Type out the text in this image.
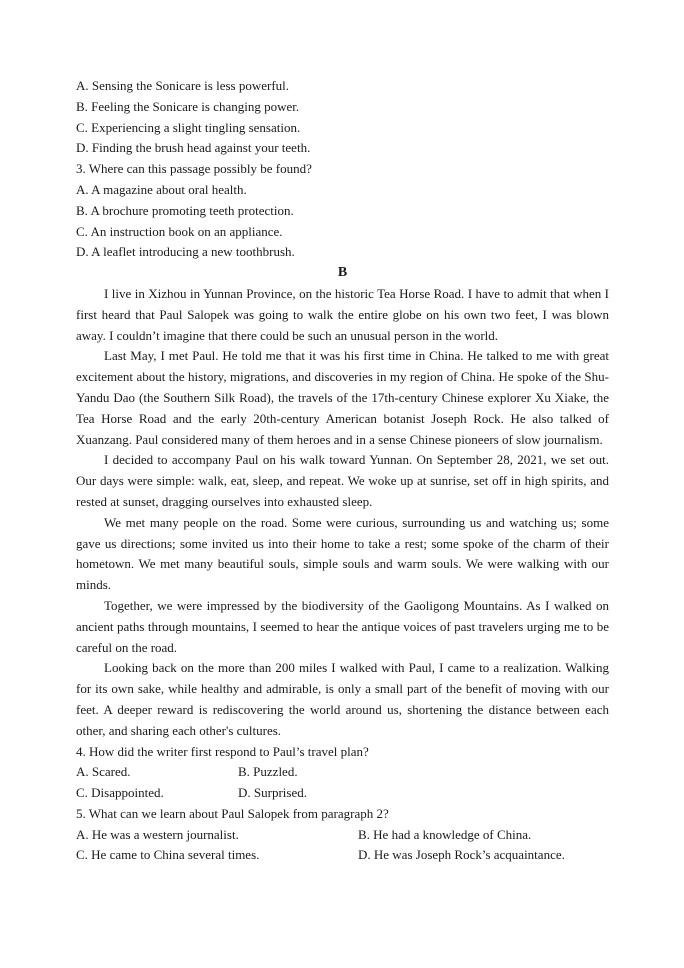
A. Sensing the Sonicare is less powerful.
B. Feeling the Sonicare is changing power.
C. Experiencing a slight tingling sensation.
D. Finding the brush head against your teeth.
3. Where can this passage possibly be found?
A. A magazine about oral health.
B. A brochure promoting teeth protection.
C. An instruction book on an appliance.
D. A leaflet introducing a new toothbrush.
B

I live in Xizhou in Yunnan Province, on the historic Tea Horse Road. I have to admit that when I first heard that Paul Salopek was going to walk the entire globe on his own two feet, I was blown away. I couldn’t imagine that there could be such an unusual person in the world.

Last May, I met Paul. He told me that it was his first time in China. He talked to me with great excitement about the history, migrations, and discoveries in my region of China. He spoke of the Shu-Yandu Dao (the Southern Silk Road), the travels of the 17th-century Chinese explorer Xu Xiake, the Tea Horse Road and the early 20th-century American botanist Joseph Rock. He also talked of Xuanzang. Paul considered many of them heroes and in a sense Chinese pioneers of slow journalism.

I decided to accompany Paul on his walk toward Yunnan. On September 28, 2021, we set out. Our days were simple: walk, eat, sleep, and repeat. We woke up at sunrise, set off in high spirits, and rested at sunset, dragging ourselves into exhausted sleep.

We met many people on the road. Some were curious, surrounding us and watching us; some gave us directions; some invited us into their home to take a rest; some spoke of the charm of their hometown. We met many beautiful souls, simple souls and warm souls. We were walking with our minds.

Together, we were impressed by the biodiversity of the Gaoligong Mountains. As I walked on ancient paths through mountains, I seemed to hear the antique voices of past travelers urging me to be careful on the road.

Looking back on the more than 200 miles I walked with Paul, I came to a realization. Walking for its own sake, while healthy and admirable, is only a small part of the benefit of moving with our feet. A deeper reward is rediscovering the world around us, shortening the distance between each other, and sharing each other's cultures.

4. How did the writer first respond to Paul’s travel plan?
A. Scared.	B. Puzzled.
C. Disappointed.	D. Surprised.
5. What can we learn about Paul Salopek from paragraph 2?
A. He was a western journalist.	B. He had a knowledge of China.
C. He came to China several times.	D. He was Joseph Rock’s acquaintance.
